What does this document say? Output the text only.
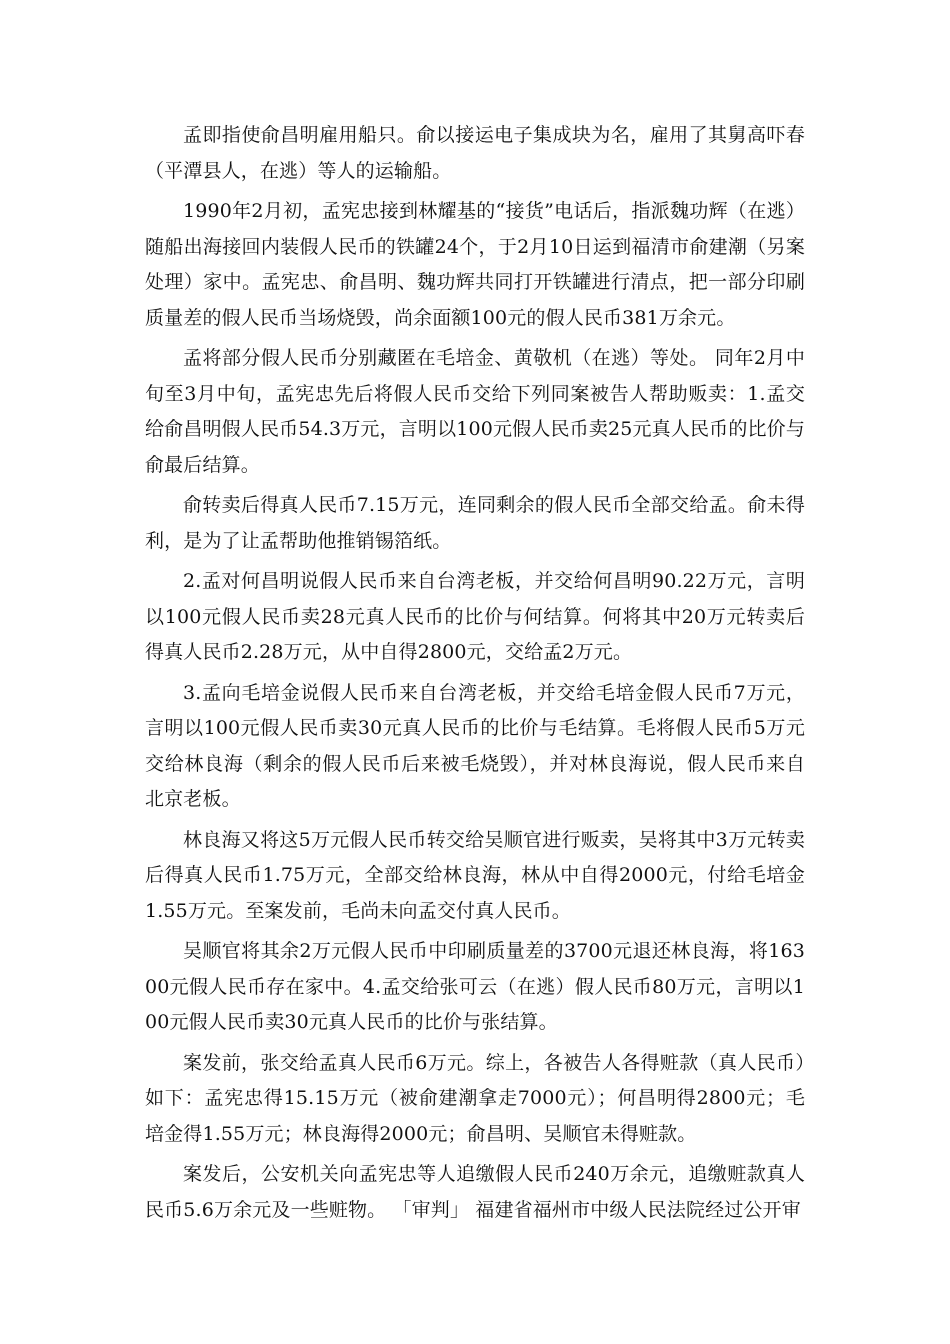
孟即指使俞昌明雇用船只。俞以接运电子集成块为名，雇用了其舅高吓春（平潭县人，在逃）等人的运输船。

1990年2月初，孟宪忠接到林耀基的“接货”电话后，指派魏功辉（在逃）随船出海接回内装假人民币的铁罐24个，于2月10日运到福清市俞建潮（另案处理）家中。孟宪忠、俞昌明、魏功辉共同打开铁罐进行清点，把一部分印刷质量差的假人民币当场烧毁，尚余面额100元的假人民币381万余元。

孟将部分假人民币分别藏匿在毛培金、黄敬机（在逃）等处。 同年2月中旬至3月中旬，孟宪忠先后将假人民币交给下列同案被告人帮助贩卖：1.孟交给俞昌明假人民币54.3万元，言明以100元假人民币卖25元真人民币的比价与俞最后结算。

俞转卖后得真人民币7.15万元，连同剩余的假人民币全部交给孟。俞未得利，是为了让孟帮助他推销锡箔纸。

2.孟对何昌明说假人民币来自台湾老板，并交给何昌明90.22万元，言明以100元假人民币卖28元真人民币的比价与何结算。何将其中20万元转卖后得真人民币2.28万元，从中自得2800元，交给孟2万元。

3.孟向毛培金说假人民币来自台湾老板，并交给毛培金假人民币7万元，言明以100元假人民币卖30元真人民币的比价与毛结算。毛将假人民币5万元交给林良海（剩余的假人民币后来被毛烧毁），并对林良海说，假人民币来自北京老板。

林良海又将这5万元假人民币转交给吴顺官进行贩卖，吴将其中3万元转卖后得真人民币1.75万元，全部交给林良海，林从中自得2000元，付给毛培金1.55万元。至案发前，毛尚未向孟交付真人民币。

吴顺官将其余2万元假人民币中印刷质量差的3700元退还林良海，将16300元假人民币存在家中。4.孟交给张可云（在逃）假人民币80万元，言明以100元假人民币卖30元真人民币的比价与张结算。

案发前，张交给孟真人民币6万元。综上，各被告人各得赃款（真人民币）如下：孟宪忠得15.15万元（被俞建潮拿走7000元）；何昌明得2800元；毛培金得1.55万元；林良海得2000元；俞昌明、吴顺官未得赃款。

案发后，公安机关向孟宪忠等人追缴假人民币240万余元，追缴赃款真人民币5.6万余元及一些赃物。 「审判」 福建省福州市中级人民法院经过公开审
